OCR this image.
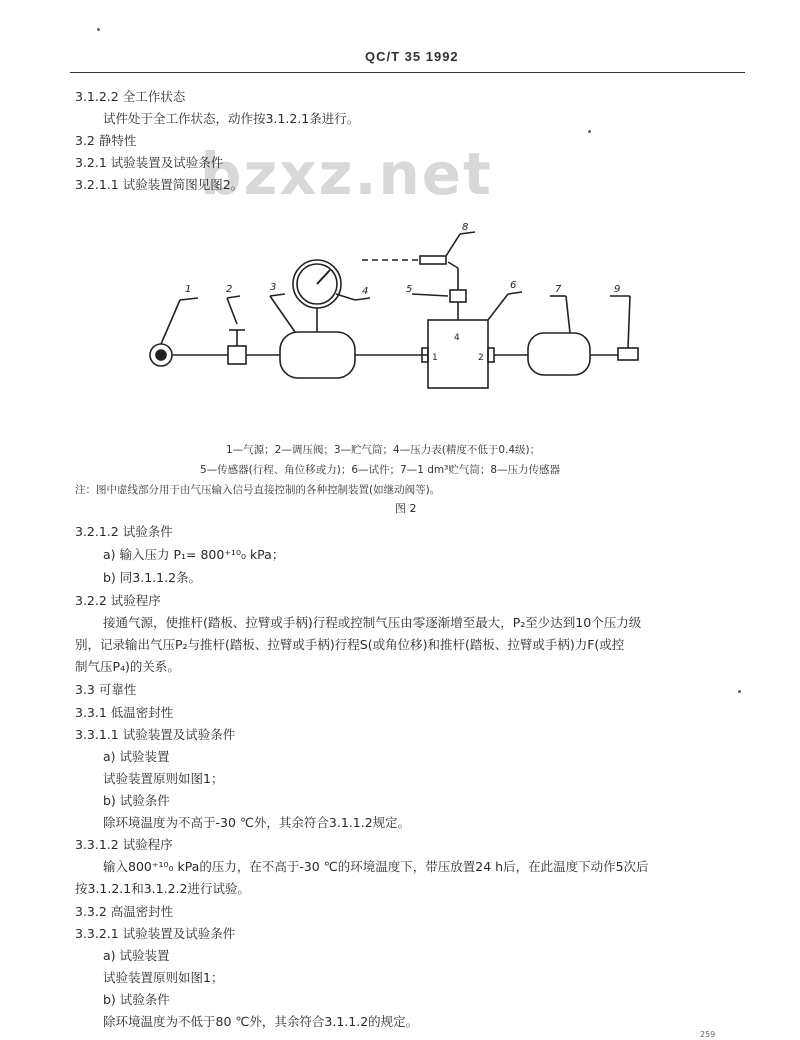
QC/T 35 1992
bzxz.net
3.1.2.2 全工作状态
试件处于全工作状态，动作按3.1.2.1条进行。
3.2 静特性
3.2.1 试验装置及试验条件
3.2.1.1 试验装置简图见图2。
1	2	3	4	5	6	7
8
9
1
4
2
1—气源；2—调压阀；3—贮气筒；4—压力表(精度不低于0.4级)；
5—传感器(行程、角位移或力)；6—试件；7—1 dm³贮气筒；8—压力传感器
注：图中虚线部分用于由气压输入信号直接控制的各种控制装置(如继动阀等)。
图 2
3.2.1.2 试验条件
a) 输入压力 P₁= 800⁺¹⁰₀ kPa；
b) 同3.1.1.2条。
3.2.2 试验程序
接通气源，使推杆(踏板、拉臂或手柄)行程或控制气压由零逐渐增至最大，P₂至少达到10个压力级
别，记录输出气压P₂与推杆(踏板、拉臂或手柄)行程S(或角位移)和推杆(踏板、拉臂或手柄)力F(或控
制气压P₄)的关系。
3.3 可靠性
3.3.1 低温密封性
3.3.1.1 试验装置及试验条件
a) 试验装置
试验装置原则如图1；
b) 试验条件
除环境温度为不高于-30 ℃外，其余符合3.1.1.2规定。
3.3.1.2 试验程序
输入800⁺¹⁰₀ kPa的压力，在不高于-30 ℃的环境温度下，带压放置24 h后，在此温度下动作5次后
按3.1.2.1和3.1.2.2进行试验。
3.3.2 高温密封性
3.3.2.1 试验装置及试验条件
a) 试验装置
试验装置原则如图1；
b) 试验条件
除环境温度为不低于80 ℃外，其余符合3.1.1.2的规定。
259
